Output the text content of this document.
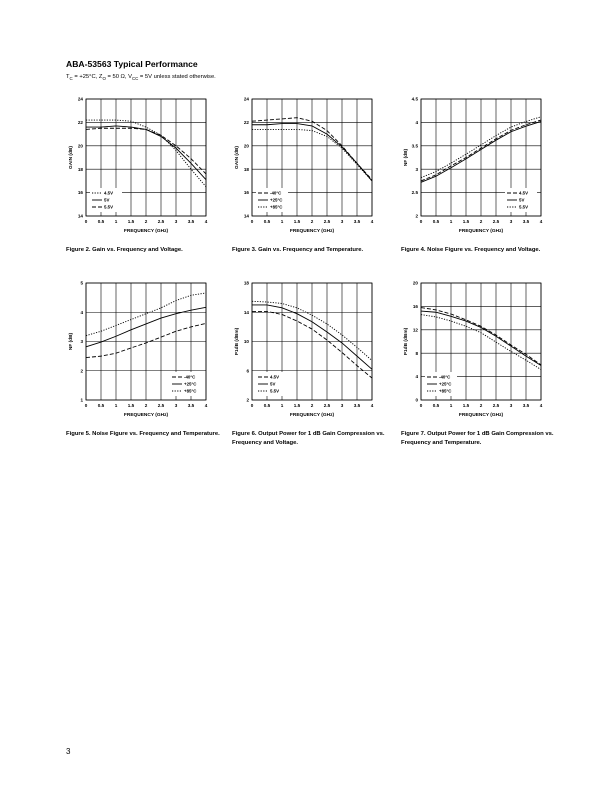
ABA-53563 Typical Performance

$T_C = +25^\circ C$, $Z_O = 50$ Ω, $V_{CC} = 5V$ unless stated otherwise.

0 0.5 1 1.5 2 2.5 3 3.5 4
14
16
18
20
22
24
FREQUENCY (GHz)
GAIN (dB)
4.5V
5V
5.5V
Figure 2. Gain vs. Frequency and Voltage.
0 0.5 1 1.5 2 2.5 3 3.5 4
14
16
18
20
22
24
FREQUENCY (GHz)
GAIN (dB)
-40°C
+25°C
+85°C
Figure 3. Gain vs. Frequency and Temperature.
0 0.5 1 1.5 2 2.5 3 3.5 4
2
2.5
3
3.5
4
4.5
FREQUENCY (GHz)
NF (dB)
4.5V
5V
5.5V
Figure 4. Noise Figure vs. Frequency and Voltage.
0 0.5 1 1.5 2 2.5 3 3.5 4
1
2
3
4
5
FREQUENCY (GHz)
NF (dB)
-40°C
+25°C
+85°C
Figure 5. Noise Figure vs. Frequency and Temperature.
0 0.5 1 1.5 2 2.5 3 3.5 4
2
6
10
14
18
FREQUENCY (GHz)
P1dB (dBm)
4.5V
5V
5.5V
Figure 6. Output Power for 1 dB Gain Compression vs. Frequency and Voltage.
0 0.5 1 1.5 2 2.5 3 3.5 4
0
4
8
12
16
20
FREQUENCY (GHz)
P1dB (dBm)
-40°C
+25°C
+85°C
Figure 7. Output Power for 1 dB Gain Compression vs. Frequency and Temperature.
3
